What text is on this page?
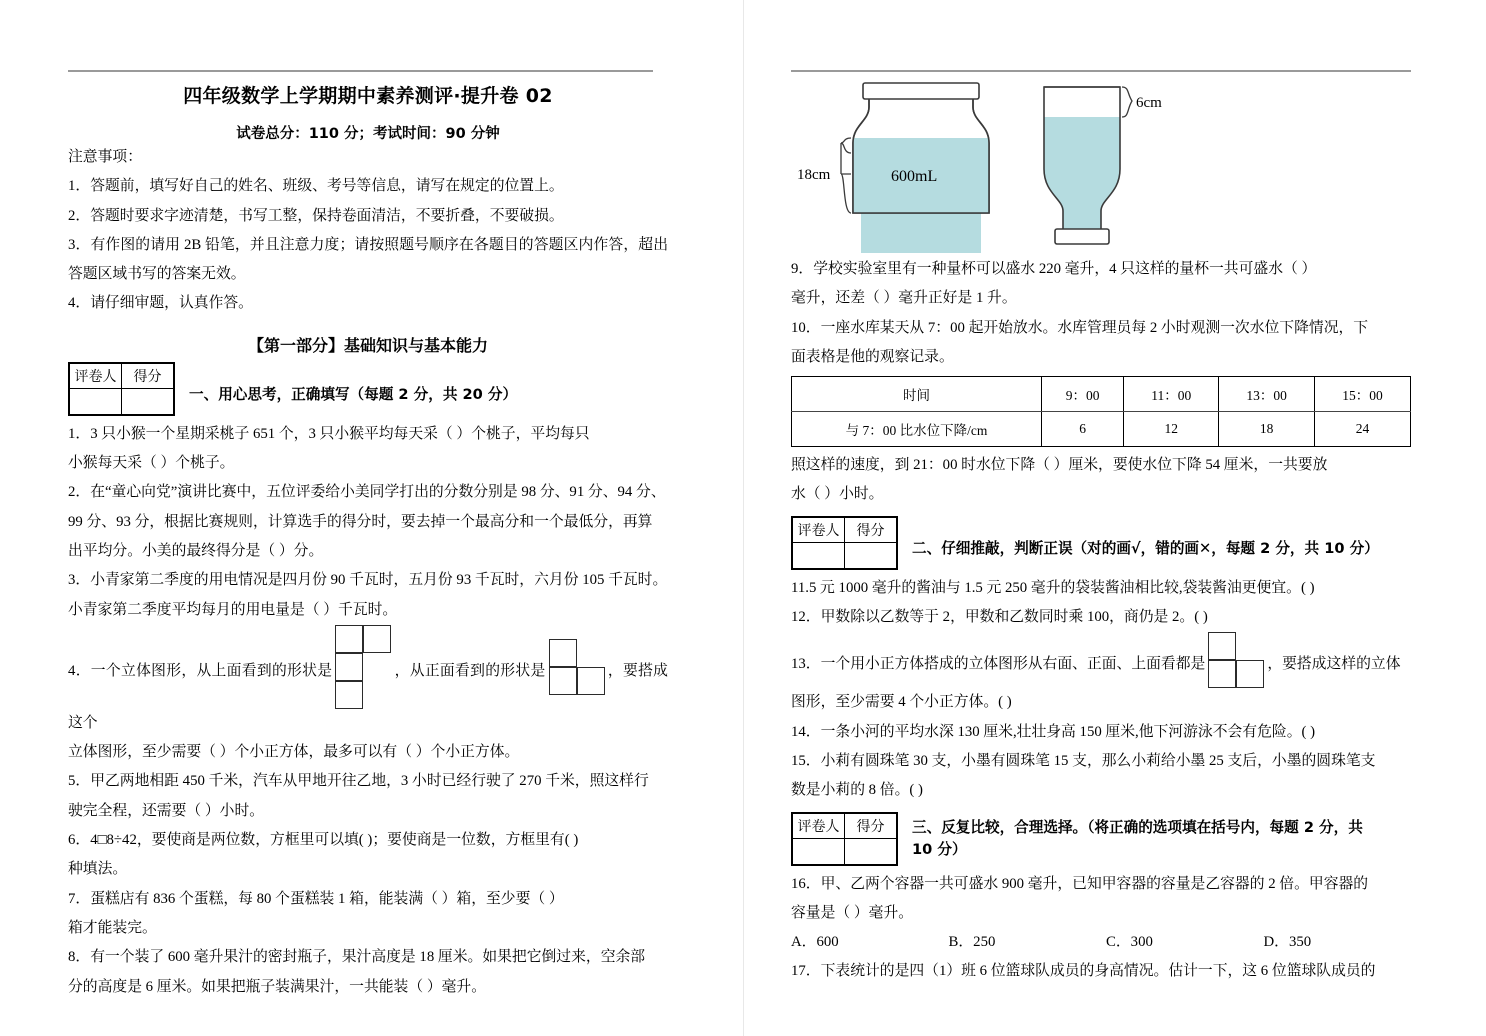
四年级数学上学期期中素养测评·提升卷 02
试卷总分：110 分；考试时间：90 分钟

注意事项：

1．答题前，填写好自己的姓名、班级、考号等信息，请写在规定的位置上。

2．答题时要求字迹清楚，书写工整，保持卷面清洁，不要折叠，不要破损。

3．有作图的请用 2B 铅笔，并且注意力度；请按照题号顺序在各题目的答题区内作答，超出答题区域书写的答案无效。

4．请仔细审题，认真作答。

【第一部分】基础知识与基本能力
评卷人	得分

一、用心思考，正确填写（每题 2 分，共 20 分）

1．3 只小猴一个星期采桃子 651 个，3 只小猴平均每天采（ ）个桃子，平均每只

小猴每天采（ ）个桃子。

2．在“童心向党”演讲比赛中，五位评委给小美同学打出的分数分别是 98 分、91 分、94 分、

99 分、93 分，根据比赛规则，计算选手的得分时，要去掉一个最高分和一个最低分，再算

出平均分。小美的最终得分是（ ）分。

3．小青家第二季度的用电情况是四月份 90 千瓦时，五月份 93 千瓦时，六月份 105 千瓦时。

小青家第二季度平均每月的用电量是（ ）千瓦时。

4．一个立体图形，从上面看到的形状是	，从正面看到的形状是	，要搭成这个

立体图形，至少需要（ ）个小正方体，最多可以有（ ）个小正方体。

5．甲乙两地相距 450 千米，汽车从甲地开往乙地，3 小时已经行驶了 270 千米，照这样行

驶完全程，还需要（ ）小时。

6．4□8÷42，要使商是两位数，方框里可以填( )；要使商是一位数，方框里有( )

种填法。

7．蛋糕店有 836 个蛋糕，每 80 个蛋糕装 1 箱，能装满（ ）箱，至少要（ ）

箱才能装完。

8．有一个装了 600 毫升果汁的密封瓶子，果汁高度是 18 厘米。如果把它倒过来，空余部

分的高度是 6 厘米。如果把瓶子装满果汁，一共能装（ ）毫升。

18cm	600mL
6cm

9．学校实验室里有一种量杯可以盛水 220 毫升，4 只这样的量杯一共可盛水（ ）

毫升，还差（ ）毫升正好是 1 升。

10．一座水库某天从 7：00 起开始放水。水库管理员每 2 小时观测一次水位下降情况，下

面表格是他的观察记录。

时间	9：00	11：00	13：00	15：00
与 7：00 比水位下降/cm	6	12	18	24

照这样的速度，到 21：00 时水位下降（ ）厘米，要使水位下降 54 厘米，一共要放

水（ ）小时。

评卷人	得分

二、仔细推敲，判断正误（对的画√，错的画✕，每题 2 分，共 10 分）

11.5 元 1000 毫升的酱油与 1.5 元 250 毫升的袋装酱油相比较,袋装酱油更便宜。( )

12．甲数除以乙数等于 2，甲数和乙数同时乘 100，商仍是 2。( )

13．一个用小正方体搭成的立体图形从右面、正面、上面看都是	，要搭成这样的立体

图形，至少需要 4 个小正方体。( )

14．一条小河的平均水深 130 厘米,壮壮身高 150 厘米,他下河游泳不会有危险。( )

15．小莉有圆珠笔 30 支，小墨有圆珠笔 15 支，那么小莉给小墨 25 支后，小墨的圆珠笔支

数是小莉的 8 倍。( )

评卷人	得分
	三、反复比较，合理选择。（将正确的选项填在括号内，每题 2 分，共
10 分）

16．甲、乙两个容器一共可盛水 900 毫升，已知甲容器的容量是乙容器的 2 倍。甲容器的

容量是（ ）毫升。

A．600	B．250	C．300	D．350

17．下表统计的是四（1）班 6 位篮球队成员的身高情况。估计一下，这 6 位篮球队成员的
